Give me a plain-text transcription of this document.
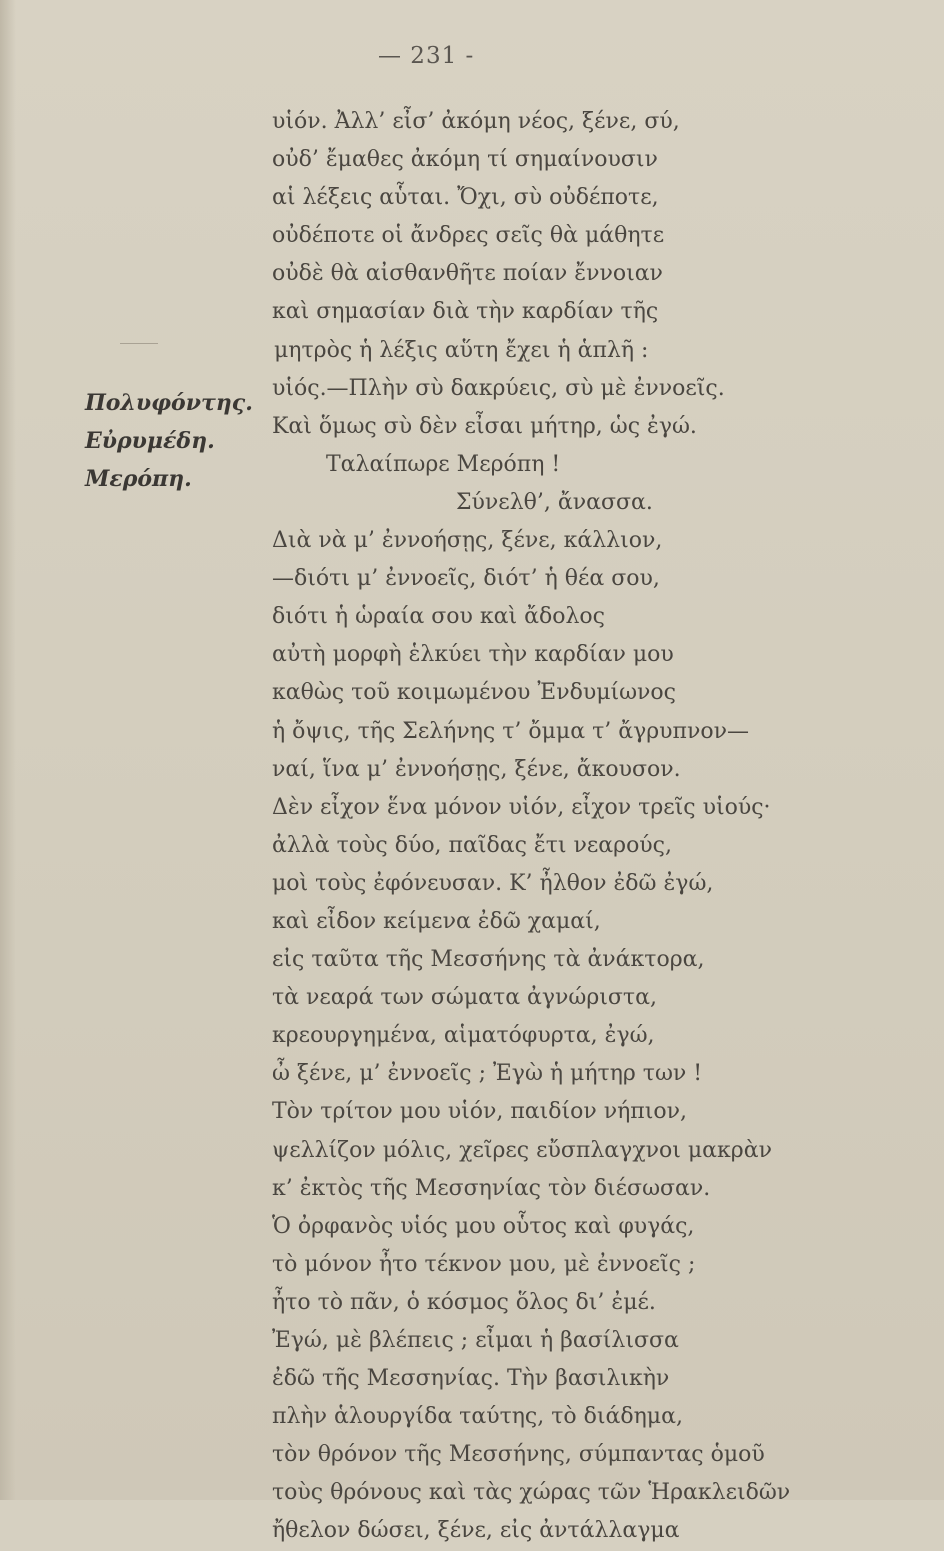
— 231 -
Πολυφόντης.
Εὐρυμέδη.
Μερόπη.
υἱόν. Ἀλλ’ εἶσ’ ἀκόμη νέος, ξένε, σύ,
οὐδ’ ἔμαθες ἀκόμη τί σημαίνουσιν
αἱ λέξεις αὗται. Ὄχι, σὺ οὐδέποτε,
οὐδέποτε οἱ ἄνδρες σεῖς θὰ μάθητε
οὐδὲ θὰ αἰσθανθῆτε ποίαν ἔννοιαν
καὶ σημασίαν διὰ τὴν καρδίαν τῆς
μητρὸς ἡ λέξις αὕτη ἔχει ἡ ἁπλῆ :
υἱός.—Πλὴν σὺ δακρύεις, σὺ μὲ ἐννοεῖς.
Καὶ ὅμως σὺ δὲν εἶσαι μήτηρ, ὡς ἐγώ.
Ταλαίπωρε Μερόπη !
Σύνελθ’, ἄνασσα.
Διὰ νὰ μ’ ἐννοήσῃς, ξένε, κάλλιον,
—διότι μ’ ἐννοεῖς, διότ’ ἡ θέα σου,
διότι ἡ ὡραία σου καὶ ἄδολος
αὐτὴ μορφὴ ἑλκύει τὴν καρδίαν μου
καθὼς τοῦ κοιμωμένου Ἐνδυμίωνος
ἡ ὄψις, τῆς Σελήνης τ’ ὄμμα τ’ ἄγρυπνον—
ναί, ἵνα μ’ ἐννοήσῃς, ξένε, ἄκουσον.
Δὲν εἶχον ἕνα μόνον υἱόν, εἶχον τρεῖς υἱούς·
ἀλλὰ τοὺς δύο, παῖδας ἔτι νεαρούς,
μοὶ τοὺς ἐφόνευσαν. Κ’ ἦλθον ἐδῶ ἐγώ,
καὶ εἶδον κείμενα ἐδῶ χαμαί,
εἰς ταῦτα τῆς Μεσσήνης τὰ ἀνάκτορα,
τὰ νεαρά των σώματα ἀγνώριστα,
κρεουργημένα, αἱματόφυρτα, ἐγώ,
ὦ ξένε, μ’ ἐννοεῖς ; Ἐγὼ ἡ μήτηρ των !
Τὸν τρίτον μου υἱόν, παιδίον νήπιον,
ψελλίζον μόλις, χεῖρες εὔσπλαγχνοι μακρὰν
κ’ ἐκτὸς τῆς Μεσσηνίας τὸν διέσωσαν.
Ὁ ὀρφανὸς υἱός μου οὗτος καὶ φυγάς,
τὸ μόνον ἦτο τέκνον μου, μὲ ἐννοεῖς ;
ἦτο τὸ πᾶν, ὁ κόσμος ὅλος δι’ ἐμέ.
Ἐγώ, μὲ βλέπεις ; εἶμαι ἡ βασίλισσα
ἐδῶ τῆς Μεσσηνίας. Τὴν βασιλικὴν
πλὴν ἁλουργίδα ταύτης, τὸ διάδημα,
τὸν θρόνον τῆς Μεσσήνης, σύμπαντας ὁμοῦ
τοὺς θρόνους καὶ τὰς χώρας τῶν Ἡρακλειδῶν
ἤθελον δώσει, ξένε, εἰς ἀντάλλαγμα
